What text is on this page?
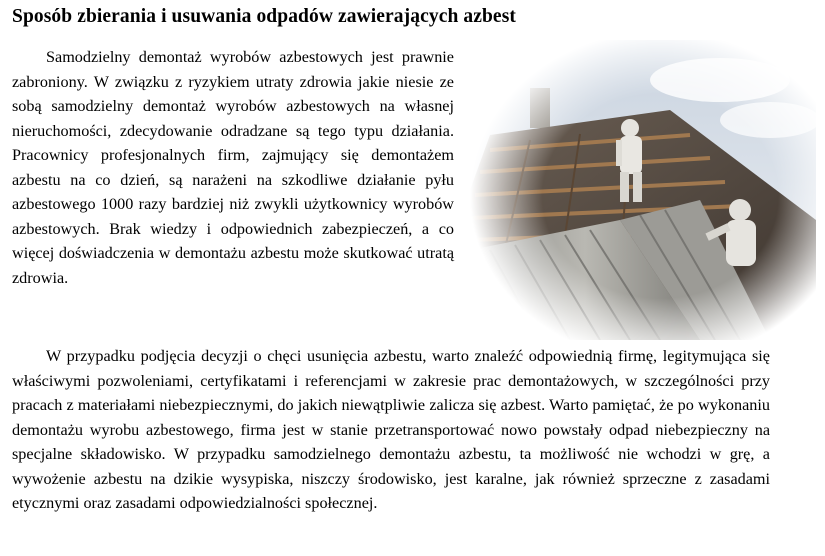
Sposób zbierania i usuwania odpadów zawierających azbest

Samodzielny demontaż wyrobów azbestowych jest prawnie zabroniony. W związku z ryzykiem utraty zdrowia jakie niesie ze sobą samodzielny demontaż wyrobów azbestowych na własnej nieruchomości, zdecydowanie odradzane są tego typu działania. Pracownicy profesjonalnych firm, zajmujący się demontażem azbestu na co dzień, są narażeni na szkodliwe działanie pyłu azbestowego 1000 razy bardziej niż zwykli użytkownicy wyrobów azbestowych. Brak wiedzy i odpowiednich zabezpieczeń, a co więcej doświadczenia w demontażu azbestu może skutkować utratą zdrowia.

W przypadku podjęcia decyzji o chęci usunięcia azbestu, warto znaleźć odpowiednią firmę, legitymująca się właściwymi pozwoleniami, certyfikatami i referencjami w zakresie prac demontażowych, w szczególności przy pracach z materiałami niebezpiecznymi, do jakich niewątpliwie zalicza się azbest. Warto pamiętać, że po wykonaniu demontażu wyrobu azbestowego, firma jest w stanie przetransportować nowo powstały odpad niebezpieczny na specjalne składowisko. W przypadku samodzielnego demontażu azbestu, ta możliwość nie wchodzi w grę, a wywożenie azbestu na dzikie wysypiska, niszczy środowisko, jest karalne, jak również sprzeczne z zasadami etycznymi oraz zasadami odpowiedzialności społecznej.
